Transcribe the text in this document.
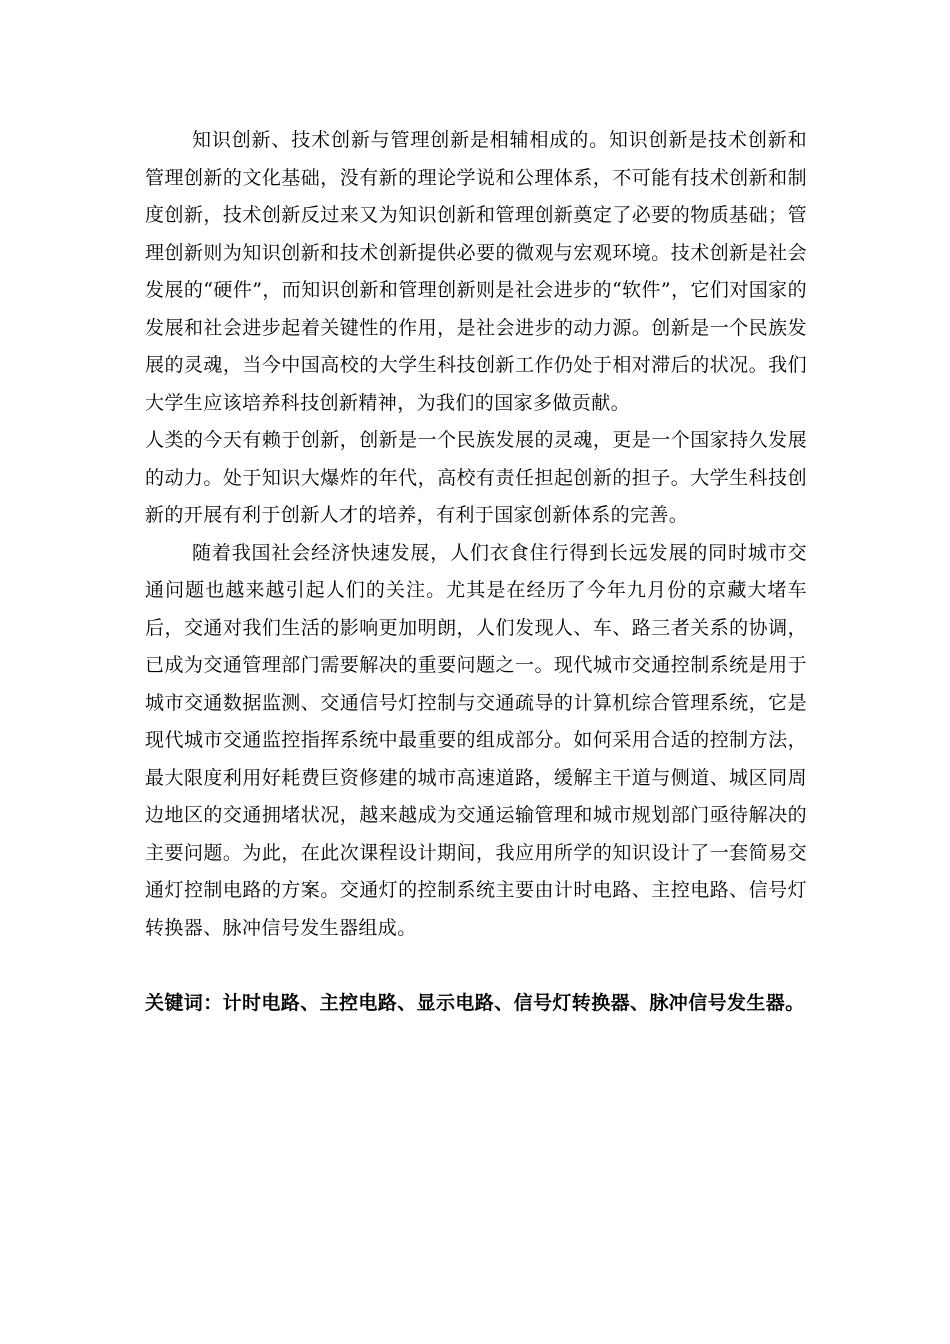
知识创新、技术创新与管理创新是相辅相成的。知识创新是技术创新和管理创新的文化基础，没有新的理论学说和公理体系，不可能有技术创新和制度创新，技术创新反过来又为知识创新和管理创新奠定了必要的物质基础；管理创新则为知识创新和技术创新提供必要的微观与宏观环境。技术创新是社会发展的“硬件”，而知识创新和管理创新则是社会进步的“软件”，它们对国家的发展和社会进步起着关键性的作用，是社会进步的动力源。创新是一个民族发展的灵魂，当今中国高校的大学生科技创新工作仍处于相对滞后的状况。我们大学生应该培养科技创新精神，为我们的国家多做贡献。

人类的今天有赖于创新，创新是一个民族发展的灵魂，更是一个国家持久发展的动力。处于知识大爆炸的年代，高校有责任担起创新的担子。大学生科技创新的开展有利于创新人才的培养，有利于国家创新体系的完善。

随着我国社会经济快速发展，人们衣食住行得到长远发展的同时城市交通问题也越来越引起人们的关注。尤其是在经历了今年九月份的京藏大堵车后，交通对我们生活的影响更加明朗，人们发现人、车、路三者关系的协调，已成为交通管理部门需要解决的重要问题之一。现代城市交通控制系统是用于城市交通数据监测、交通信号灯控制与交通疏导的计算机综合管理系统，它是现代城市交通监控指挥系统中最重要的组成部分。如何采用合适的控制方法，最大限度利用好耗费巨资修建的城市高速道路，缓解主干道与侧道、城区同周边地区的交通拥堵状况，越来越成为交通运输管理和城市规划部门亟待解决的主要问题。为此，在此次课程设计期间，我应用所学的知识设计了一套简易交通灯控制电路的方案。交通灯的控制系统主要由计时电路、主控电路、信号灯转换器、脉冲信号发生器组成。

关键词：计时电路、主控电路、显示电路、信号灯转换器、脉冲信号发生器。
